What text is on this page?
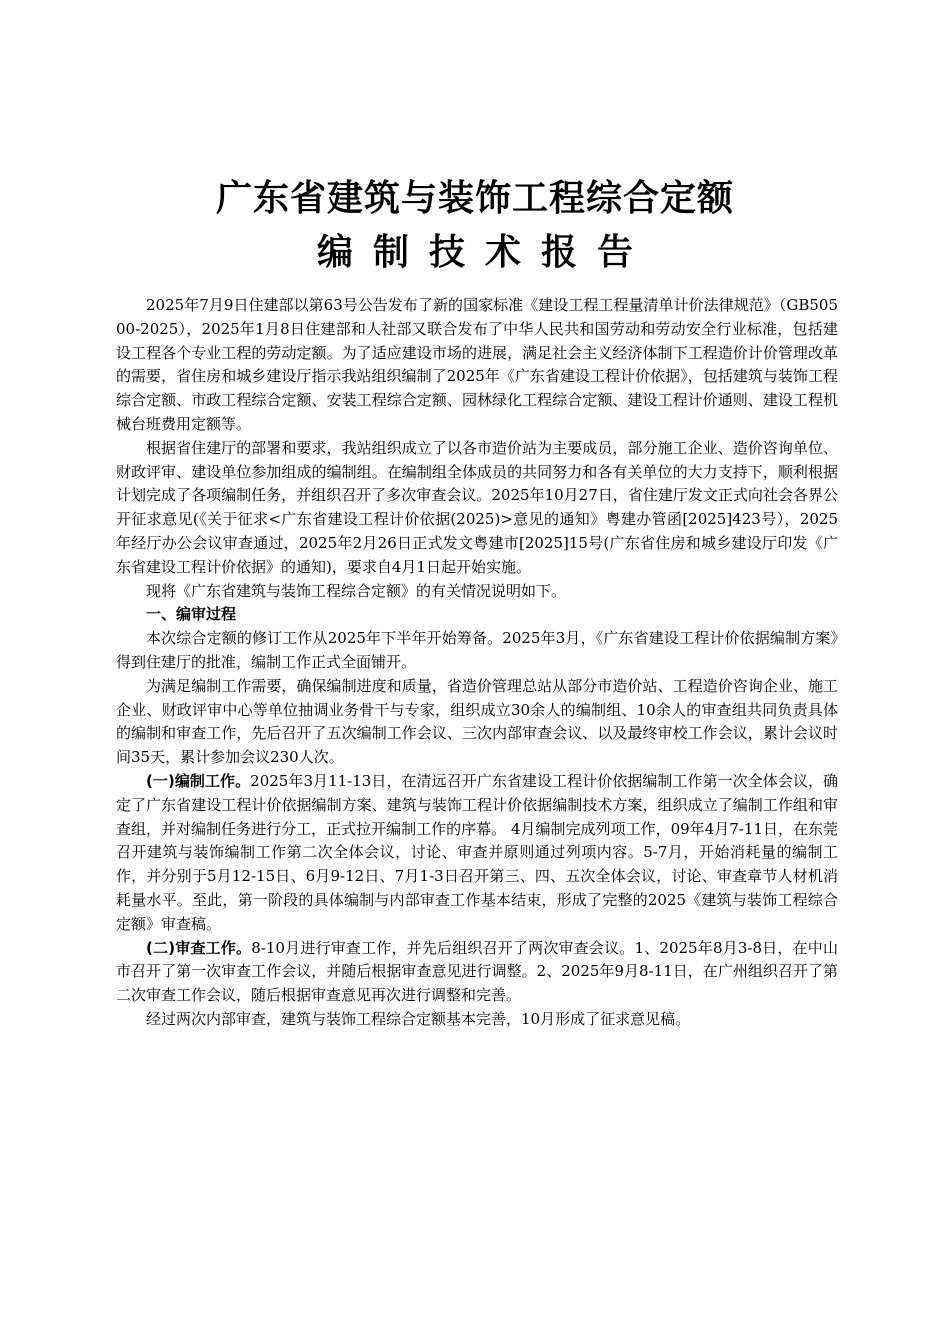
广东省建筑与装饰工程综合定额
编制技术报告

2025年7月9日住建部以第63号公告发布了新的国家标准《建设工程工程量清单计价法律规范》（GB50500-2025），2025年1月8日住建部和人社部又联合发布了中华人民共和国劳动和劳动安全行业标准，包括建设工程各个专业工程的劳动定额。为了适应建设市场的进展，满足社会主义经济体制下工程造价计价管理改革的需要，省住房和城乡建设厅指示我站组织编制了2025年《广东省建设工程计价依据》，包括建筑与装饰工程综合定额、市政工程综合定额、安装工程综合定额、园林绿化工程综合定额、建设工程计价通则、建设工程机械台班费用定额等。

根据省住建厅的部署和要求，我站组织成立了以各市造价站为主要成员，部分施工企业、造价咨询单位、财政评审、建设单位参加组成的编制组。在编制组全体成员的共同努力和各有关单位的大力支持下，顺利根据计划完成了各项编制任务，并组织召开了多次审查会议。2025年10月27日，省住建厅发文正式向社会各界公开征求意见(《关于征求<广东省建设工程计价依据(2025)>意见的通知》粤建办管函[2025]423号），2025年经厅办公会议审查通过，2025年2月26日正式发文粤建市[2025]15号(广东省住房和城乡建设厅印发《广东省建设工程计价依据》的通知)，要求自4月1日起开始实施。

现将《广东省建筑与装饰工程综合定额》的有关情况说明如下。

一、编审过程

本次综合定额的修订工作从2025年下半年开始筹备。2025年3月，《广东省建设工程计价依据编制方案》得到住建厅的批准，编制工作正式全面铺开。

为满足编制工作需要，确保编制进度和质量，省造价管理总站从部分市造价站、工程造价咨询企业、施工企业、财政评审中心等单位抽调业务骨干与专家，组织成立30余人的编制组、10余人的审查组共同负责具体的编制和审查工作，先后召开了五次编制工作会议、三次内部审查会议、以及最终审校工作会议，累计会议时间35天，累计参加会议230人次。

(一)编制工作。2025年3月11-13日，在清远召开广东省建设工程计价依据编制工作第一次全体会议，确定了广东省建设工程计价依据编制方案、建筑与装饰工程计价依据编制技术方案，组织成立了编制工作组和审查组，并对编制任务进行分工，正式拉开编制工作的序幕。 4月编制完成列项工作，09年4月7-11日，在东莞召开建筑与装饰编制工作第二次全体会议，讨论、审查并原则通过列项内容。5-7月，开始消耗量的编制工作，并分别于5月12-15日、6月9-12日、7月1-3日召开第三、四、五次全体会议，讨论、审查章节人材机消耗量水平。至此，第一阶段的具体编制与内部审查工作基本结束，形成了完整的2025《建筑与装饰工程综合定额》审查稿。

(二)审查工作。8-10月进行审查工作，并先后组织召开了两次审查会议。1、2025年8月3-8日，在中山市召开了第一次审查工作会议，并随后根据审查意见进行调整。2、2025年9月8-11日，在广州组织召开了第二次审查工作会议，随后根据审查意见再次进行调整和完善。

经过两次内部审查，建筑与装饰工程综合定额基本完善，10月形成了征求意见稿。
